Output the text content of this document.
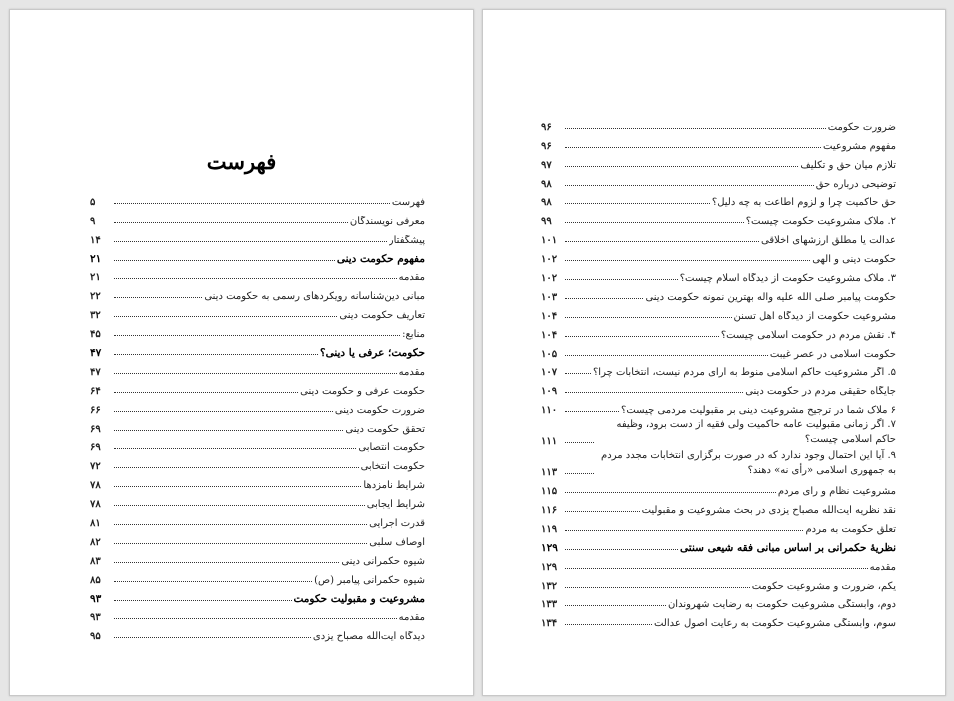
فهرست
فهرست
۵
معرفی نویسندگان
۹
پیشگفتار
۱۴
مفهوم حکومت دینی
۲۱
مقدمه
۲۱
مبانی دین‌شناسانه رویکردهای رسمی به حکومت دینی
۲۲
تعاریف حکومت دینی
۳۲
منابع:
۴۵
حکومت؛ عرفی یا دینی؟
۴۷
مقدمه
۴۷
حکومت عرفی و حکومت دینی
۶۴
ضرورت حکومت دینی
۶۶
تحقق حکومت دینی
۶۹
حکومت انتصابی
۶۹
حکومت انتخابی
۷۲
شرایط نامزدها
۷۸
شرایط ایجابی
۷۸
قدرت اجرایی
۸۱
اوصاف سلبی
۸۲
شیوه حکمرانی دینی
۸۳
شیوه حکمرانی پیامبر (ص)
۸۵
مشروعیت و مقبولیت حکومت
۹۳
مقدمه
۹۳
دیدگاه آیت‌الله مصباح یزدی
۹۵
ضرورت حکومت
۹۶
مفهوم مشروعیت
۹۶
تلازم میان حق و تکلیف
۹۷
توضیحی درباره حق
۹۸
حق حاکمیت چرا و لزوم اطاعت به چه دلیل؟
۹۸
۲. ملاک مشروعیت حکومت چیست؟
۹۹
عدالت یا مطلق ارزشهای اخلاقی
۱۰۱
حکومت دینی و الهی
۱۰۲
۳. ملاک مشروعیت حکومت از دیدگاه اسلام چیست؟
۱۰۲
حکومت پیامبر صلی الله علیه واله بهترین نمونه حکومت دینی
۱۰۳
مشروعیت حکومت از دیدگاه اهل تسنن
۱۰۴
۴. نقش مردم در حکومت اسلامی چیست؟
۱۰۴
حکومت اسلامی در عصر غیبت
۱۰۵
۵. اگر مشروعیت حاکم اسلامی منوط به آرای مردم نیست، انتخابات چرا؟
۱۰۷
جایگاه حقیقی مردم در حکومت دینی
۱۰۹
۶ ملاک شما در ترجیح مشروعیت دینی بر مقبولیت مردمی چیست؟
۱۱۰
۷. اگر زمانی مقبولیت عامه حاکمیت ولی فقیه از دست برود، وظیفه حاکم اسلامی چیست؟
۱۱۱
۹. آیا این احتمال وجود ندارد که در صورت برگزاری انتخابات مجدد مردم به جمهوری اسلامی «رأی نه» دهند؟
۱۱۳
مشروعیت نظام و رأی مردم
۱۱۵
نقد نظریه آیت‌الله مصباح یزدی در بحث مشروعیت و مقبولیت
۱۱۶
تعلق حکومت به مردم
۱۱۹
نظریهٔ حکمرانی بر اساس مبانی فقه شیعی سنتی
۱۲۹
مقدمه
۱۲۹
یکم، ضرورت و مشروعیت حکومت
۱۳۲
دوم، وابستگی مشروعیت حکومت به رضایت شهروندان
۱۳۳
سوم، وابستگی مشروعیت حکومت به رعایت اصول عدالت
۱۳۴
